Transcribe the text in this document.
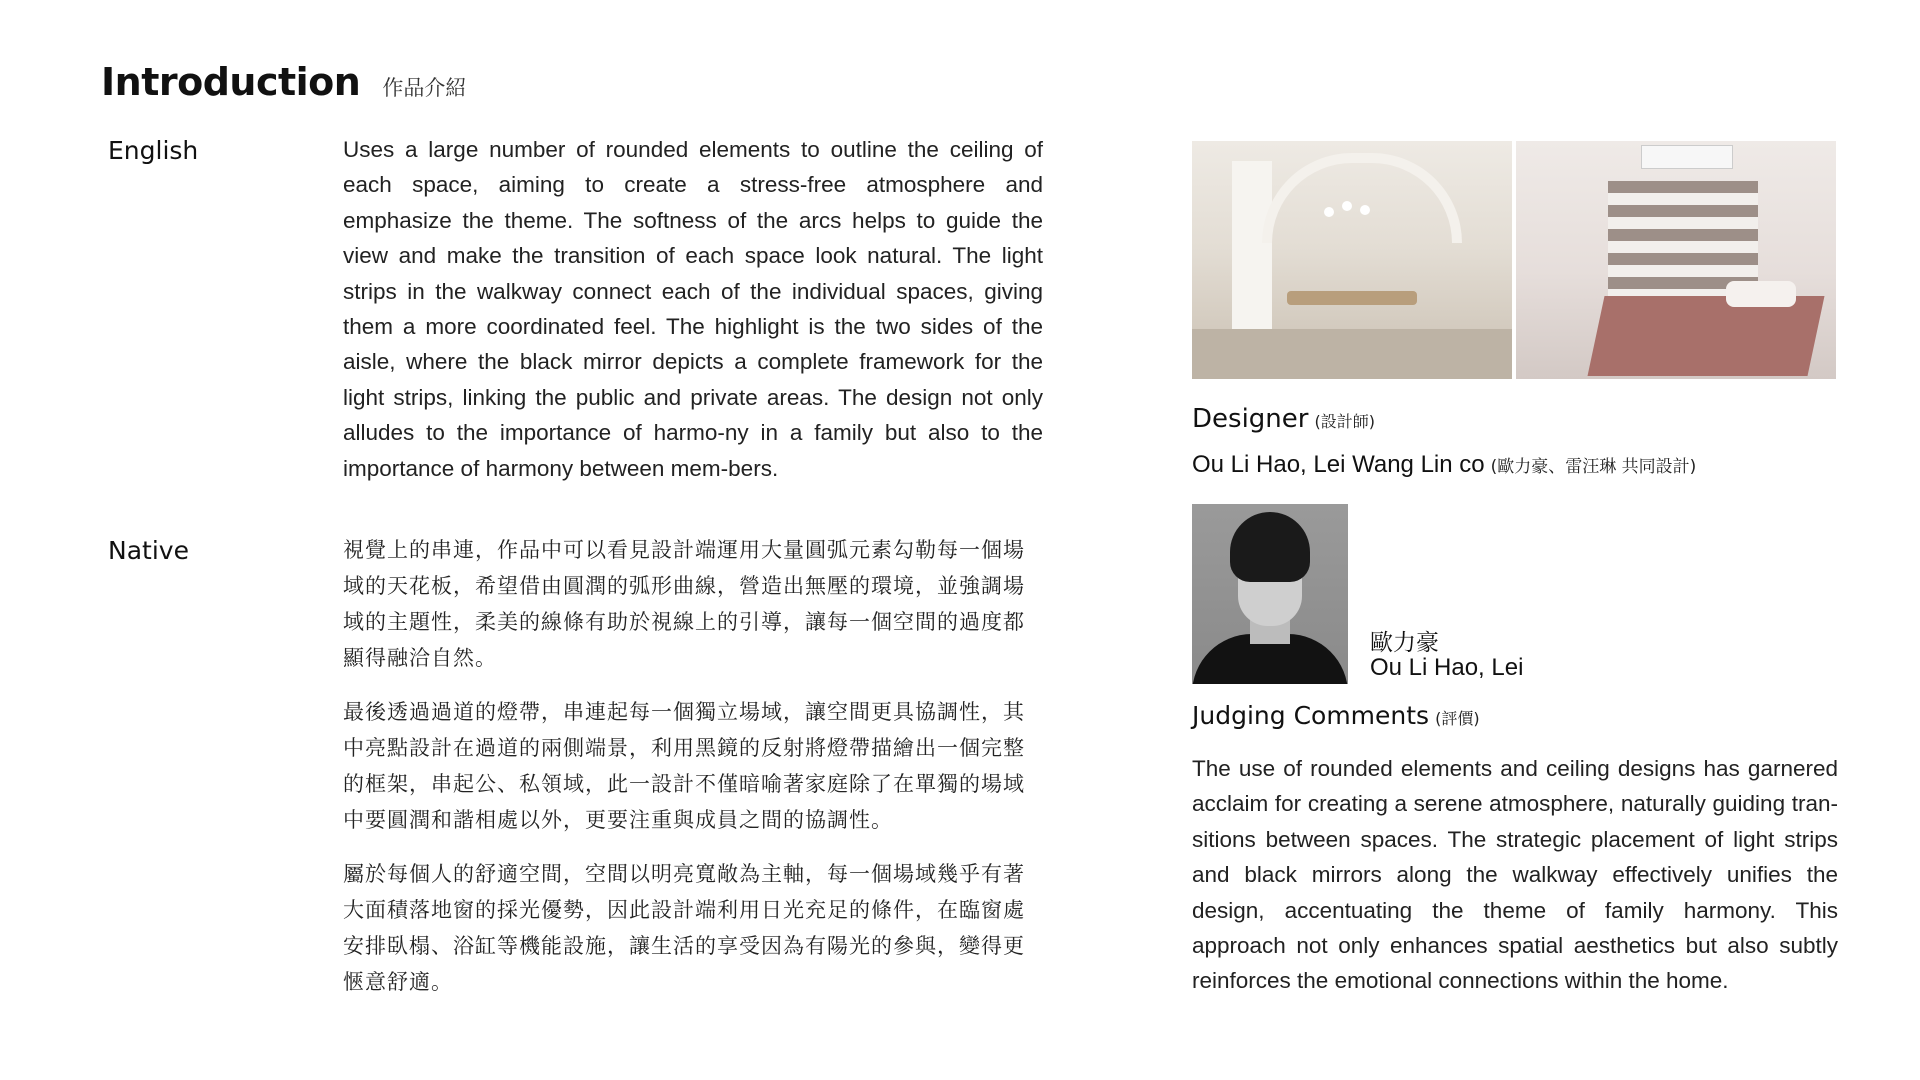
Introduction 作品介紹
English	Uses a large number of rounded elements to outline the ceiling of each space, aiming to create a stress-free atmosphere and emphasize the theme. The softness of the arcs helps to guide the view and make the transition of each space look natural. The light strips in the walkway connect each of the individual spaces, giving them a more coordinated feel. The highlight is the two sides of the aisle, where the black mirror depicts a complete framework for the light strips, linking the public and private areas. The design not only alludes to the importance of harmo-ny in a family but also to the importance of harmony between mem-bers.
Native	視覺上的串連，作品中可以看見設計端運用大量圓弧元素勾勒每一個場域的天花板，希望借由圓潤的弧形曲線，營造出無壓的環境，並強調場域的主題性，柔美的線條有助於視線上的引導，讓每一個空間的過度都顯得融洽自然。
最後透過過道的燈帶，串連起每一個獨立場域，讓空間更具協調性，其中亮點設計在過道的兩側端景，利用黑鏡的反射將燈帶描繪出一個完整的框架，串起公、私領域，此一設計不僅暗喻著家庭除了在單獨的場域中要圓潤和諧相處以外，更要注重與成員之間的協調性。
屬於每個人的舒適空間，空間以明亮寬敞為主軸，每一個場域幾乎有著大面積落地窗的採光優勢，因此設計端利用日光充足的條件，在臨窗處安排臥榻、浴缸等機能設施，讓生活的享受因為有陽光的參與，變得更愜意舒適。
Designer (設計師)
Ou Li Hao, Lei Wang Lin co (歐力豪、雷汪琳 共同設計)
歐力豪
Ou Li Hao, Lei
Judging Comments (評價)
The use of rounded elements and ceiling designs has garnered acclaim for creating a serene atmosphere, naturally guiding tran-sitions between spaces. The strategic placement of light strips and black mirrors along the walkway effectively unifies the design, accentuating the theme of family harmony. This approach not only enhances spatial aesthetics but also subtly reinforces the emotional connections within the home.
